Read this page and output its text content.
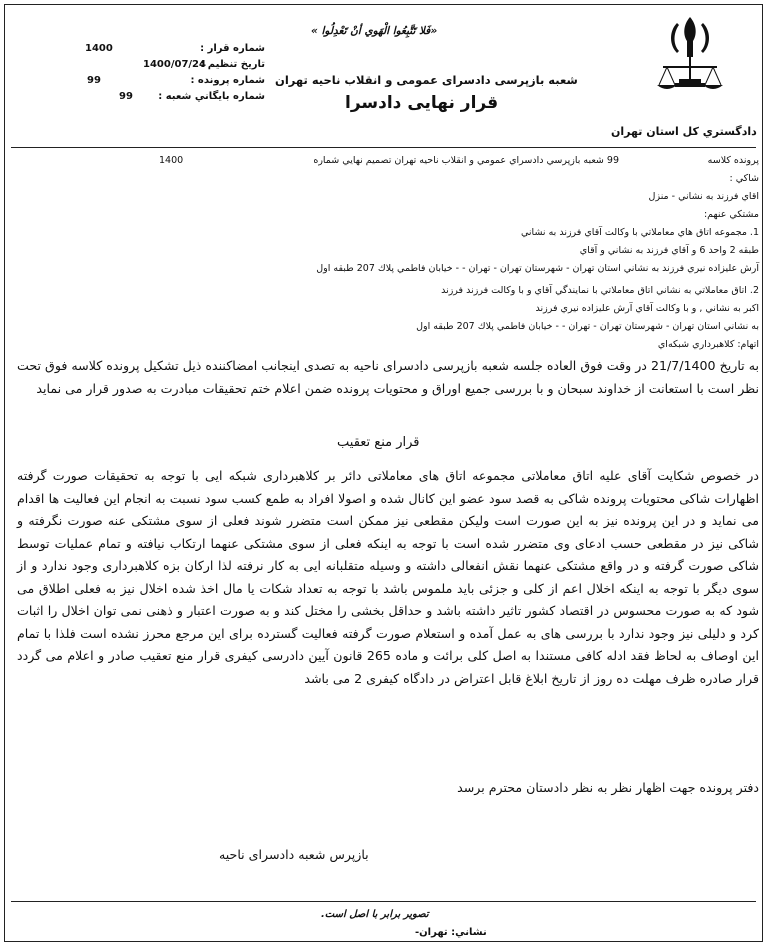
«فَلا تَتَّبِعُوا الْهَوي أنْ تَعْدِلُوا »
شعبه بازپرسی دادسرای عمومی و انقلاب ناحیه تهران
قرار نهایی دادسرا
دادگستري كل استان تهران
شماره قرار :
1400
تاريخ تنظيم :
1400/07/24
شماره پرونده :
99
شماره بايگاني شعبه :
99
پرونده كلاسه
99 شعبه بازپرسي دادسراي عمومي و انقلاب ناحيه تهران تصميم نهايي شماره
1400
شاكي :
اقاي فرزند به نشاني - منزل
مشتكي عنهم:
1. مجموعه اتاق هاي معاملاتي با وكالت آقاي فرزند به نشاني
طبقه 2 واحد 6 و آقاي فرزند به نشاني و آقاي
آرش عليزاده نيري فرزند به نشاني استان تهران - شهرستان تهران - تهران - - خيابان فاطمي پلاك 207 طبقه اول
2. اتاق معاملاتي به نشاني اتاق معاملاتي با نمايندگي آقاي و با وكالت فرزند فرزند
اكبر به نشاني , و با وكالت آقاي آرش عليزاده نيري فرزند
به نشاني استان تهران - شهرستان تهران - تهران - - خيابان فاطمي پلاك 207 طبقه اول
اتهام: كلاهبرداري شبكه‌اي
به تاریخ 21/7/1400 در وقت فوق العاده جلسه شعبه بازپرسی دادسرای ناحیه به تصدی اینجانب امضاکننده ذیل تشکیل پرونده کلاسه فوق تحت نظر است با استعانت از خداوند سبحان و با بررسی جمیع اوراق و محتویات پرونده ضمن اعلام ختم تحقیقات مبادرت به صدور قرار می نماید
قرار منع تعقیب
در خصوص شکایت آقای علیه اتاق معاملاتی مجموعه اتاق های معاملاتی دائر بر کلاهبرداری شبکه ایی با توجه به تحقیقات صورت گرفته اظهارات شاکی محتویات پرونده شاکی به قصد سود عضو این کانال شده و اصولا افراد به طمع کسب سود نسبت به انجام این فعالیت ها اقدام می نماید و در این پرونده نیز به این صورت است ولیکن مقطعی نیز ممکن است متضرر شوند فعلی از سوی مشتکی عنه صورت نگرفته و شاکی نیز در مقطعی حسب ادعای وی متضرر شده است با توجه به اینکه فعلی از سوی مشتکی عنهما ارتکاب نیافته و تمام عملیات توسط شاکی صورت گرفته و در واقع مشتکی عنهما نقش انفعالی داشته و وسیله متقلبانه ایی به کار نرفته لذا ارکان بزه کلاهبرداری وجود ندارد و از سوی دیگر با توجه به اینکه اخلال اعم از کلی و جزئی باید ملموس باشد با توجه به تعداد شکات یا مال اخذ شده اخلال نیز به فعلی اطلاق می شود که به صورت محسوس در اقتصاد کشور تاثیر داشته باشد و حداقل بخشی را مختل کند و به صورت اعتبار و ذهنی نمی توان اخلال را اثبات کرد و دلیلی نیز وجود ندارد با بررسی های به عمل آمده و استعلام صورت گرفته فعالیت گسترده برای این مرجع محرز نشده است فلذا با تمام این اوصاف به لحاظ فقد ادله کافی مستندا به اصل کلی برائت و ماده 265 قانون آیین دادرسی کیفری قرار منع تعقیب صادر و اعلام می گردد قرار صادره ظرف مهلت ده روز از تاریخ ابلاغ قابل اعتراض در دادگاه کیفری 2 می باشد
دفتر پرونده جهت اظهار نظر به نظر دادستان محترم برسد
بازپرس شعبه دادسرای ناحیه
تصوير برابر با اصل است.
نشاني: تهران-
